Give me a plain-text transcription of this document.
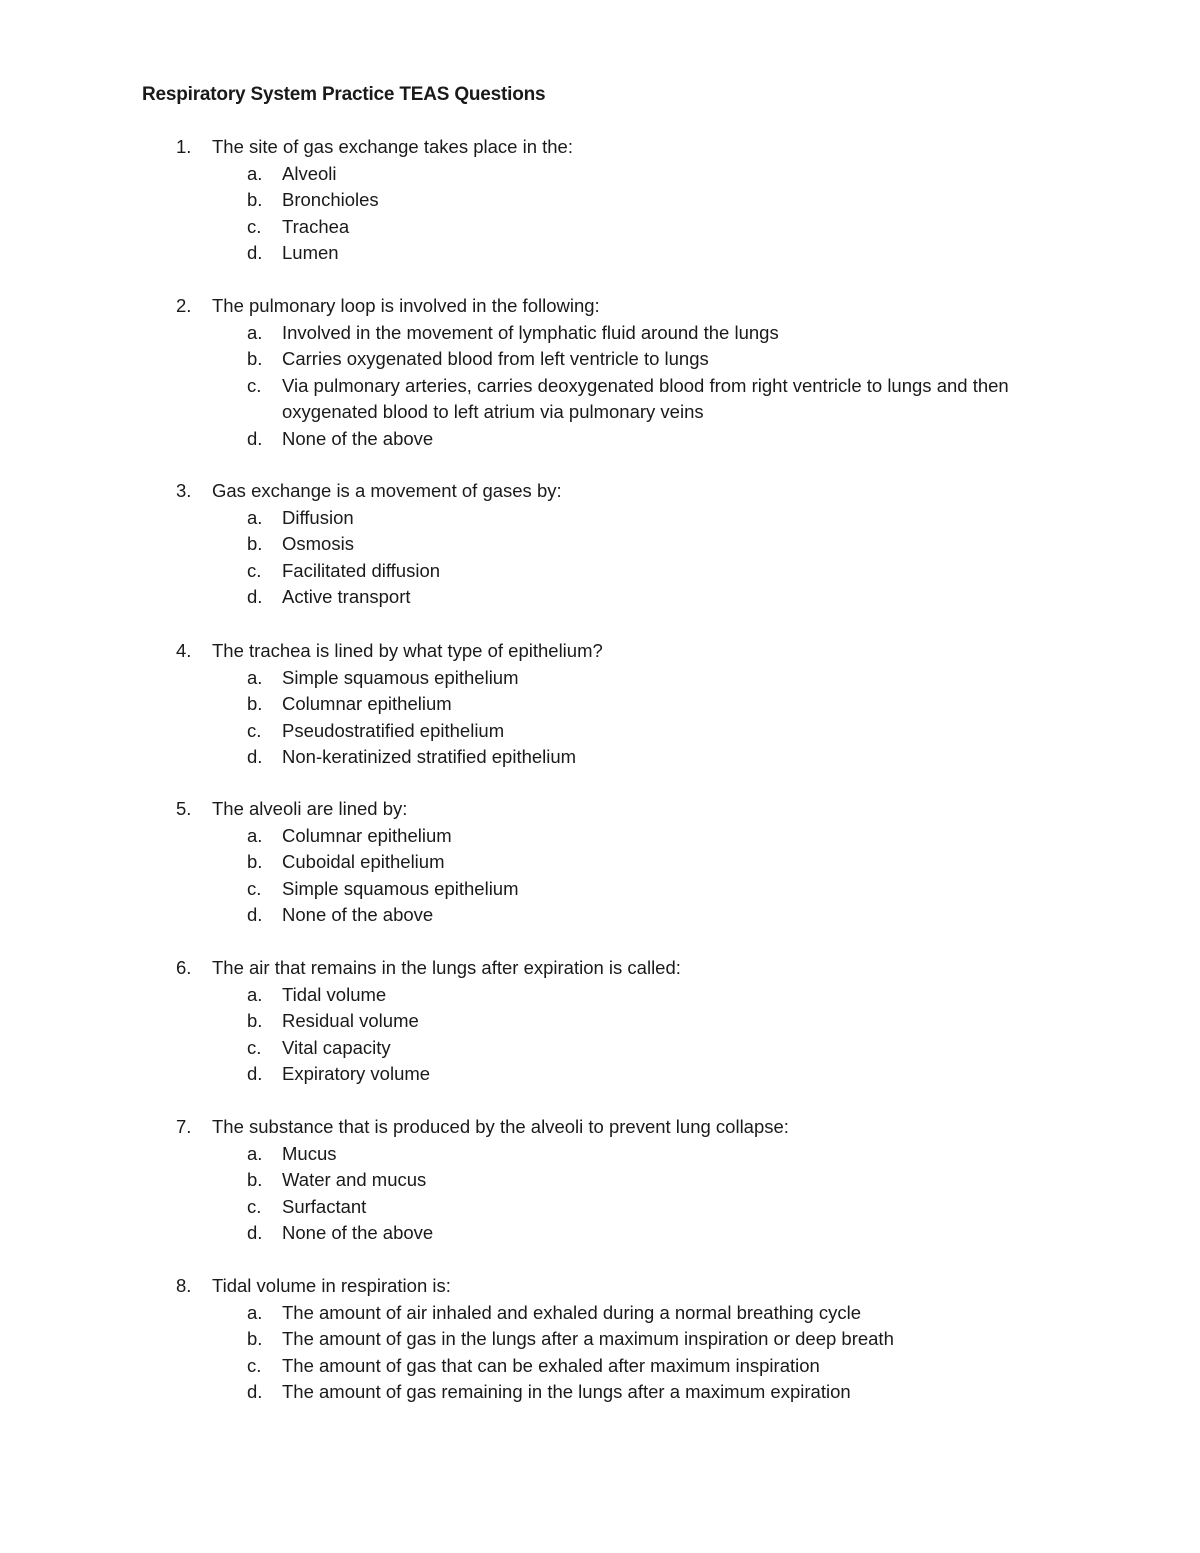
Respiratory System Practice TEAS Questions
1. The site of gas exchange takes place in the:
a. Alveoli
b. Bronchioles
c. Trachea
d. Lumen
2. The pulmonary loop is involved in the following:
a. Involved in the movement of lymphatic fluid around the lungs
b. Carries oxygenated blood from left ventricle to lungs
c. Via pulmonary arteries, carries deoxygenated blood from right ventricle to lungs and then oxygenated blood to left atrium via pulmonary veins
d. None of the above
3. Gas exchange is a movement of gases by:
a. Diffusion
b. Osmosis
c. Facilitated diffusion
d. Active transport
4. The trachea is lined by what type of epithelium?
a. Simple squamous epithelium
b. Columnar epithelium
c. Pseudostratified epithelium
d. Non-keratinized stratified epithelium
5. The alveoli are lined by:
a. Columnar epithelium
b. Cuboidal epithelium
c. Simple squamous epithelium
d. None of the above
6. The air that remains in the lungs after expiration is called:
a. Tidal volume
b. Residual volume
c. Vital capacity
d. Expiratory volume
7. The substance that is produced by the alveoli to prevent lung collapse:
a. Mucus
b. Water and mucus
c. Surfactant
d. None of the above
8. Tidal volume in respiration is:
a. The amount of air inhaled and exhaled during a normal breathing cycle
b. The amount of gas in the lungs after a maximum inspiration or deep breath
c. The amount of gas that can be exhaled after maximum inspiration
d. The amount of gas remaining in the lungs after a maximum expiration
